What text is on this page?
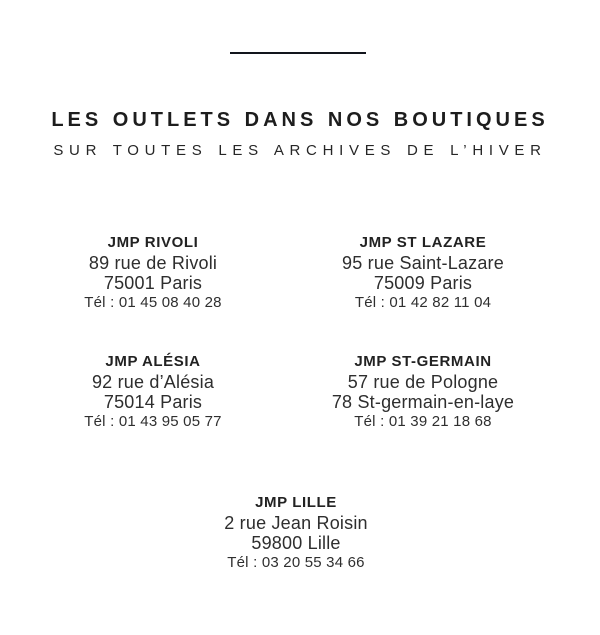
LES OUTLETS DANS NOS BOUTIQUES
SUR TOUTES LES ARCHIVES DE L’HIVER
JMP RIVOLI
89 rue de Rivoli
75001 Paris
Tél : 01 45 08 40 28
JMP ST LAZARE
95 rue Saint-Lazare
75009 Paris
Tél : 01 42 82 11 04
JMP ALÉSIA
92 rue d’Alésia
75014 Paris
Tél : 01 43 95 05 77
JMP ST-GERMAIN
57 rue de Pologne
78 St-germain-en-laye
Tél : 01 39 21 18 68
JMP LILLE
2 rue Jean Roisin
59800 Lille
Tél : 03 20 55 34 66
